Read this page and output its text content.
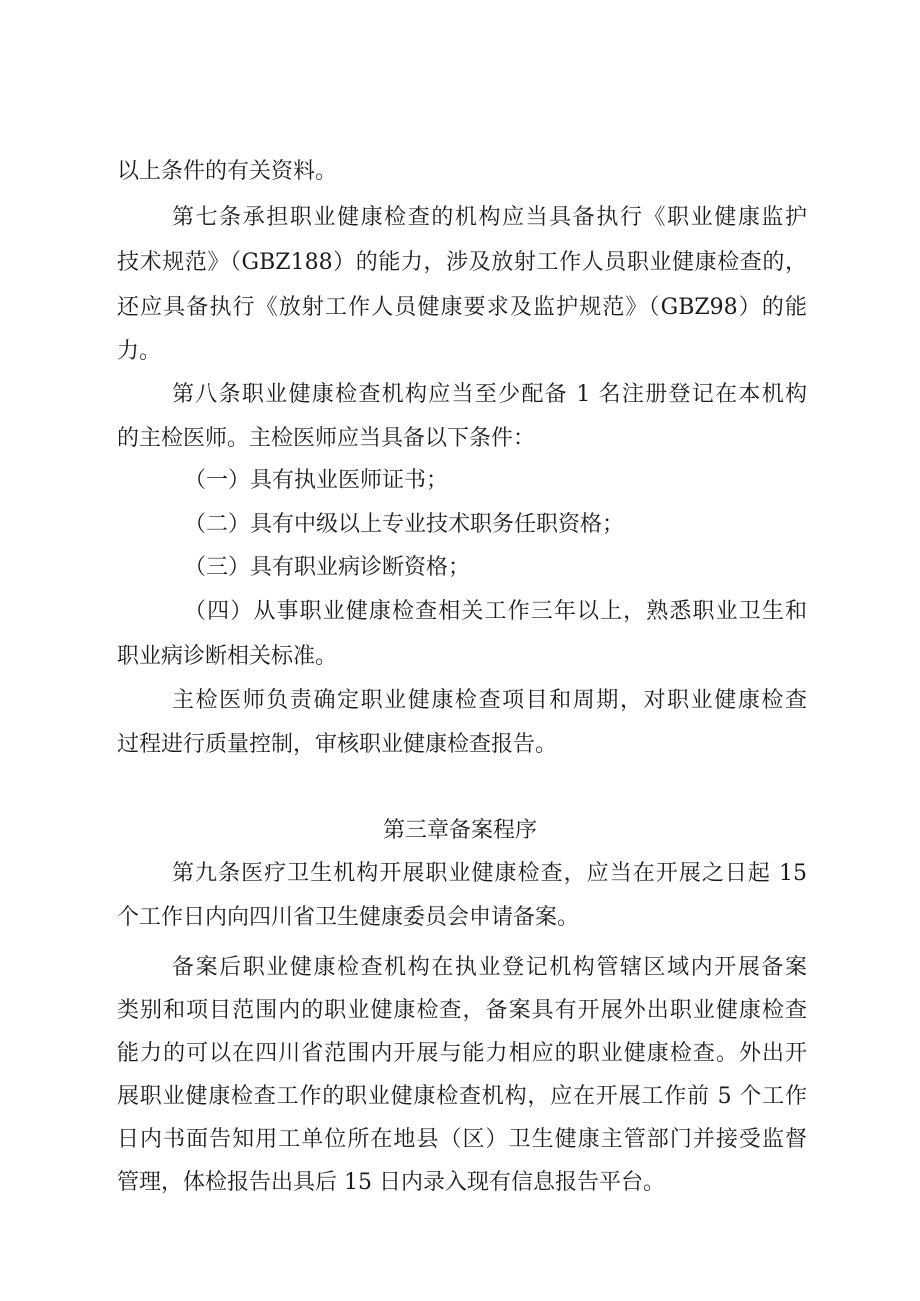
以上条件的有关资料。
第七条承担职业健康检查的机构应当具备执行《职业健康监护
技术规范》（GBZ188）的能力，涉及放射工作人员职业健康检查的，
还应具备执行《放射工作人员健康要求及监护规范》（GBZ98）的能
力。
第八条职业健康检查机构应当至少配备 1 名注册登记在本机构
的主检医师。主检医师应当具备以下条件：
（一）具有执业医师证书；
（二）具有中级以上专业技术职务任职资格；
（三）具有职业病诊断资格；
（四）从事职业健康检查相关工作三年以上，熟悉职业卫生和
职业病诊断相关标准。
主检医师负责确定职业健康检查项目和周期，对职业健康检查
过程进行质量控制，审核职业健康检查报告。
第三章备案程序
第九条医疗卫生机构开展职业健康检查，应当在开展之日起 15
个工作日内向四川省卫生健康委员会申请备案。
备案后职业健康检查机构在执业登记机构管辖区域内开展备案
类别和项目范围内的职业健康检查，备案具有开展外出职业健康检查
能力的可以在四川省范围内开展与能力相应的职业健康检查。外出开
展职业健康检查工作的职业健康检查机构，应在开展工作前 5 个工作
日内书面告知用工单位所在地县（区）卫生健康主管部门并接受监督
管理，体检报告出具后 15 日内录入现有信息报告平台。
